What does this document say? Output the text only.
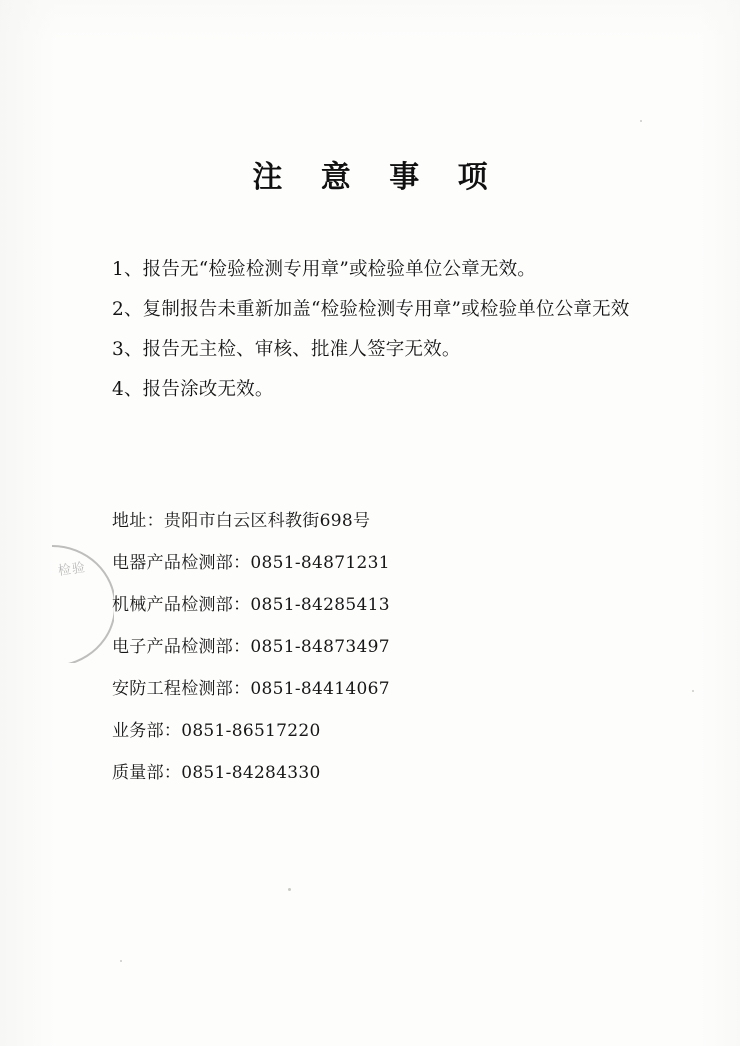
注 意 事 项
1、报告无“检验检测专用章”或检验单位公章无效。
2、复制报告未重新加盖“检验检测专用章”或检验单位公章无效
3、报告无主检、审核、批准人签字无效。
4、报告涂改无效。
地址：贵阳市白云区科教街698号
电器产品检测部：0851-84871231
机械产品检测部：0851-84285413
电子产品检测部：0851-84873497
安防工程检测部：0851-84414067
业务部：0851-86517220
质量部：0851-84284330
检验
